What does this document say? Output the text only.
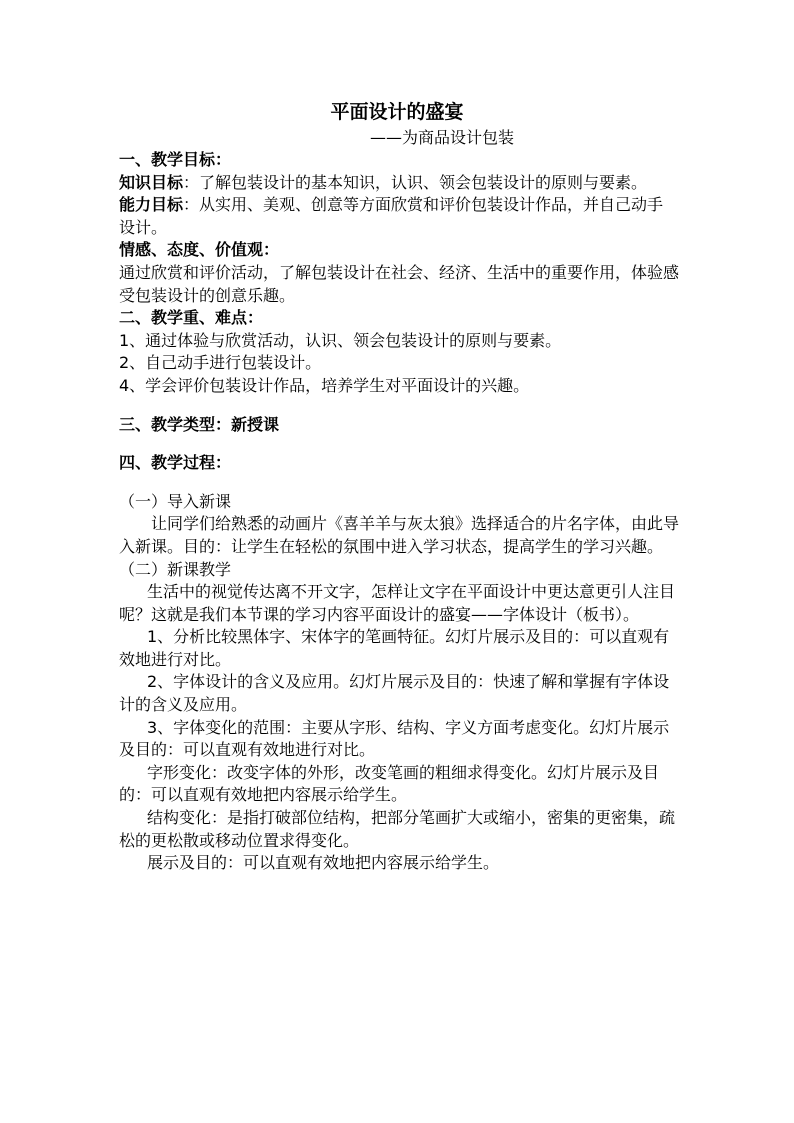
平面设计的盛宴
——为商品设计包装

一、教学目标：

知识目标：了解包装设计的基本知识，认识、领会包装设计的原则与要素。

能力目标：从实用、美观、创意等方面欣赏和评价包装设计作品，并自己动手设计。

情感、态度、价值观：

通过欣赏和评价活动，了解包装设计在社会、经济、生活中的重要作用，体验感受包装设计的创意乐趣。

二、教学重、难点：

1、通过体验与欣赏活动，认识、领会包装设计的原则与要素。

2、自己动手进行包装设计。

4、学会评价包装设计作品，培养学生对平面设计的兴趣。

三、教学类型：新授课

四、教学过程：

（一）导入新课

让同学们给熟悉的动画片《喜羊羊与灰太狼》选择适合的片名字体，由此导入新课。目的：让学生在轻松的氛围中进入学习状态，提高学生的学习兴趣。

（二）新课教学

生活中的视觉传达离不开文字，怎样让文字在平面设计中更达意更引人注目呢？这就是我们本节课的学习内容平面设计的盛宴——字体设计（板书）。

1、分析比较黑体字、宋体字的笔画特征。幻灯片展示及目的：可以直观有效地进行对比。

2、字体设计的含义及应用。幻灯片展示及目的：快速了解和掌握有字体设计的含义及应用。

3、字体变化的范围：主要从字形、结构、字义方面考虑变化。幻灯片展示及目的：可以直观有效地进行对比。

字形变化：改变字体的外形，改变笔画的粗细求得变化。幻灯片展示及目的：可以直观有效地把内容展示给学生。

结构变化：是指打破部位结构，把部分笔画扩大或缩小，密集的更密集，疏松的更松散或移动位置求得变化。

展示及目的：可以直观有效地把内容展示给学生。
